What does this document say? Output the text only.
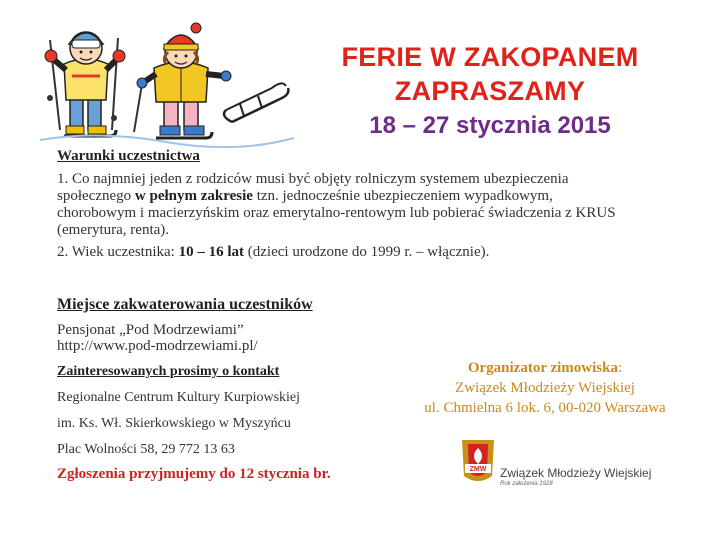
FERIE W ZAKOPANEM
ZAPRASZAMY
18 – 27 stycznia 2015
Warunki uczestnictwa
1. Co najmniej jeden z rodziców musi być objęty rolniczym systemem ubezpieczenia
społecznego w pełnym zakresie tzn. jednocześnie ubezpieczeniem wypadkowym,
chorobowym i macierzyńskim oraz emerytalno-rentowym lub pobierać świadczenia z KRUS
(emerytura, renta).
2. Wiek uczestnika: 10 – 16 lat (dzieci urodzone do 1999 r. – włącznie).
Miejsce zakwaterowania uczestników
Pensjonat „Pod Modrzewiami”
http://www.pod-modrzewiami.pl/
Zainteresowanych prosimy o kontakt
Regionalne Centrum Kultury Kurpiowskiej
im. Ks. Wł. Skierkowskiego w Myszyńcu
Plac Wolności 58, 29 772 13 63
Zgłoszenia przyjmujemy do 12 stycznia br.
Organizator zimowiska:
Związek Młodzieży Wiejskiej
ul. Chmielna 6 lok. 6, 00-020 Warszawa
ZMW Związek Młodzieży Wiejskiej
Rok założenia 1928
